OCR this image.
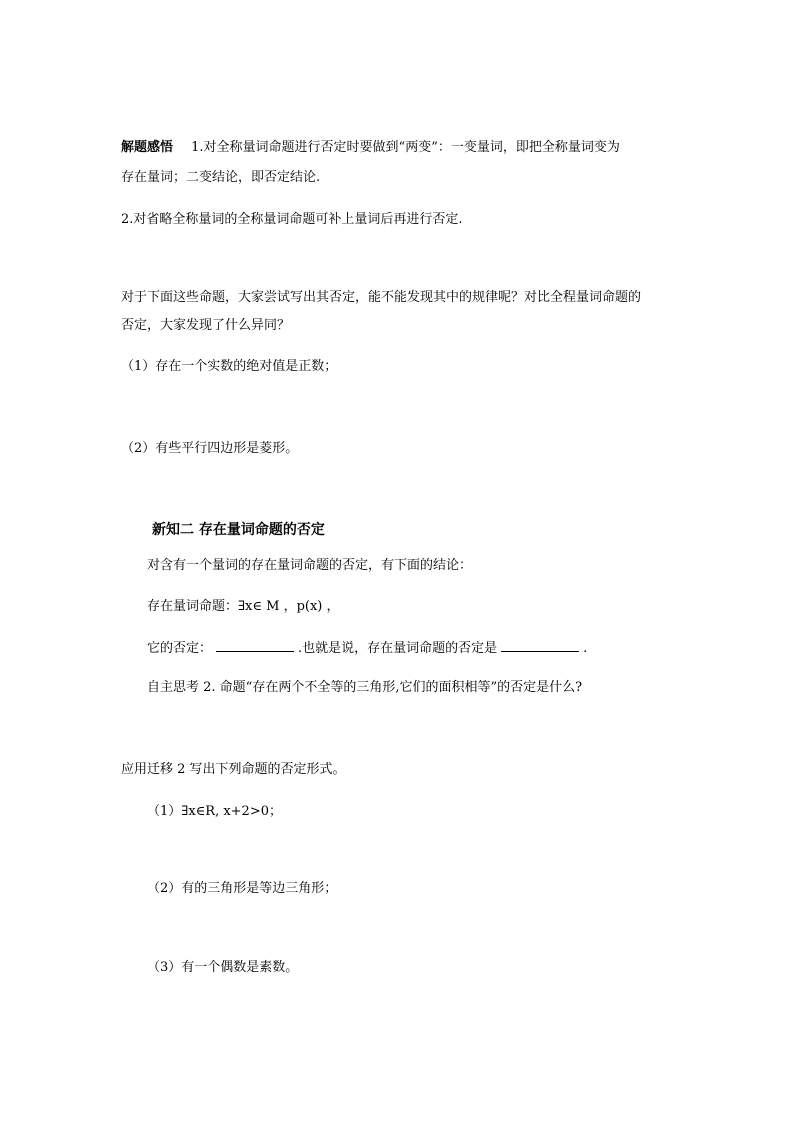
解题感悟 1.对全称量词命题进行否定时要做到“两变”：一变量词，即把全称量词变为
存在量词；二变结论，即否定结论.
2.对省略全称量词的全称量词命题可补上量词后再进行否定.
对于下面这些命题，大家尝试写出其否定，能不能发现其中的规律呢？对比全程量词命题的
否定，大家发现了什么异同？
（1）存在一个实数的绝对值是正数；
（2）有些平行四边形是菱形。
新知二 存在量词命题的否定
对含有一个量词的存在量词命题的否定，有下面的结论：
存在量词命题：∃x∈ M ，p(x) ，
它的否定：	.也就是说，存在量词命题的否定是	.
自主思考 2. 命题“存在两个不全等的三角形,它们的面积相等”的否定是什么?
应用迁移 2 写出下列命题的否定形式。
（1）∃x∈R, x+2>0；
（2）有的三角形是等边三角形；
（3）有一个偶数是素数。
